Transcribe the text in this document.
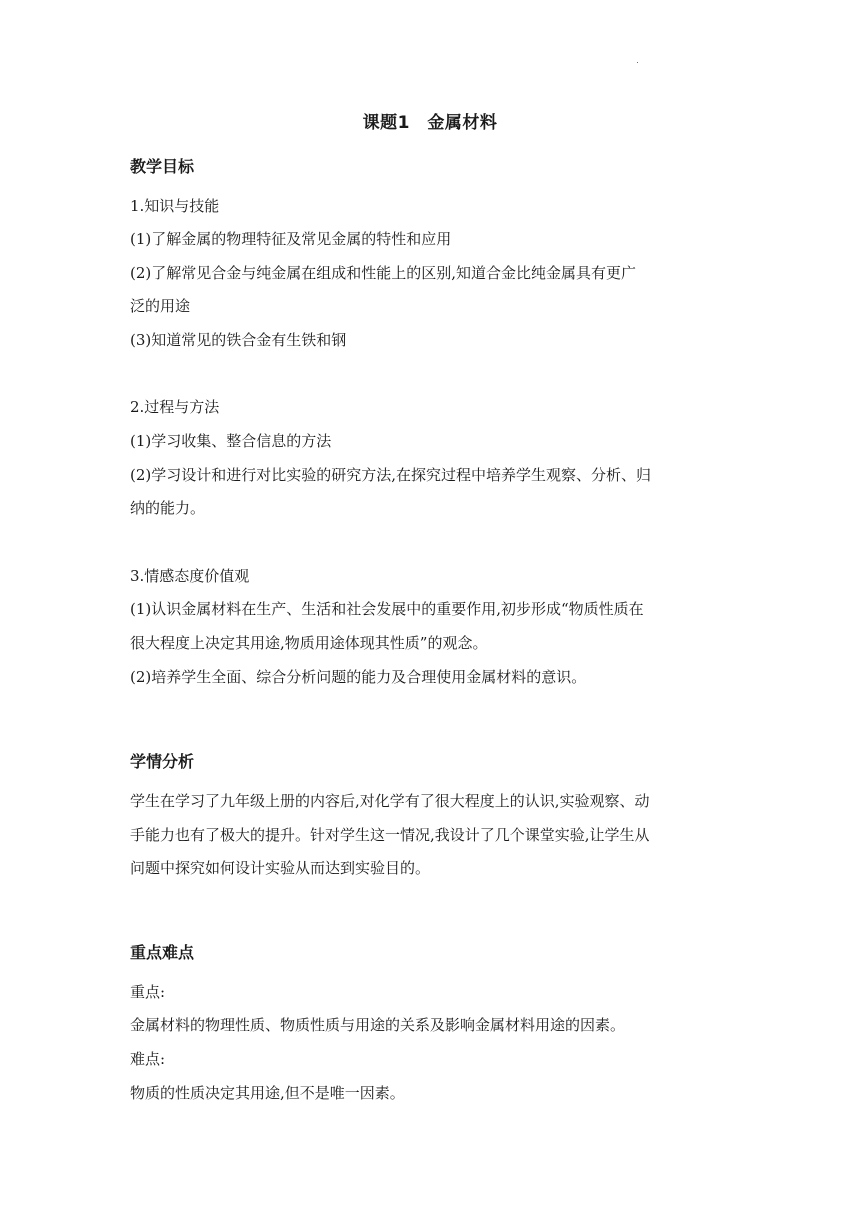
·
课题1　金属材料
教学目标
1.知识与技能
(1)了解金属的物理特征及常见金属的特性和应用
(2)了解常见合金与纯金属在组成和性能上的区别,知道合金比纯金属具有更广
泛的用途
(3)知道常见的铁合金有生铁和钢
2.过程与方法
(1)学习收集、整合信息的方法
(2)学习设计和进行对比实验的研究方法,在探究过程中培养学生观察、分析、归
纳的能力。
3.情感态度价值观
(1)认识金属材料在生产、生活和社会发展中的重要作用,初步形成“物质性质在
很大程度上决定其用途,物质用途体现其性质”的观念。
(2)培养学生全面、综合分析问题的能力及合理使用金属材料的意识。
学情分析
学生在学习了九年级上册的内容后,对化学有了很大程度上的认识,实验观察、动
手能力也有了极大的提升。针对学生这一情况,我设计了几个课堂实验,让学生从
问题中探究如何设计实验从而达到实验目的。
重点难点
重点:
金属材料的物理性质、物质性质与用途的关系及影响金属材料用途的因素。
难点:
物质的性质决定其用途,但不是唯一因素。
